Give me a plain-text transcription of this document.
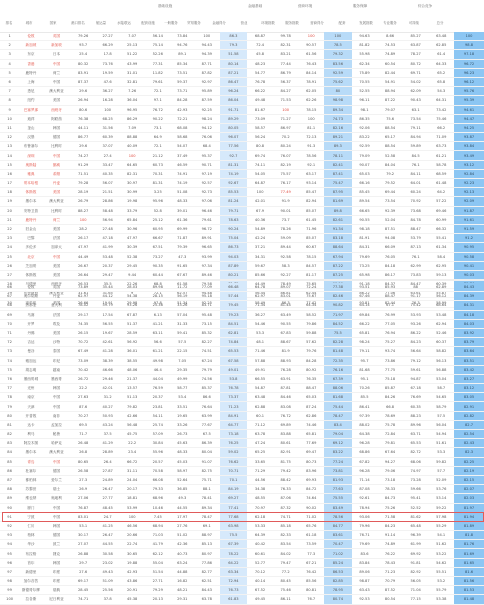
基础设施	金融基础	营商环境	服务保障	综合竞争
排名	城市	国家	港口排名	航运量	水陆联运	配套设施	一般服务	贸易服务	金融得分	营业	环境指数	服务指数	营商得分	配套	发展指数	专业服务	可持续	总分
1	伦敦	英国	79.26	27.27	7.07	56.14	73.84	100	86.3	68.87	99.78	100	100	94.63	8.66	85.27	63.48	100
2	新加坡	新加坡	93.7	66.29	25.13	75.14	94.76	94.43	79.3	72.4	82.31	90.57	78.5	81.82	74.53	63.87	62.85	98.8
3	东京	日本	25.4	17.8	51.22	52.26	89.1	94.39	51.58	45.8	83.21	61.56	79.32	55.98	74.89	78.27	61.4	97.18
4	香港	中国	80.32	73.76	43.99	77.31	85.34	87.71	80.14	48.23	77.44	76.43	83.56	62.34	60.54	80.72	64.33	96.72
5	鹿特丹	荷兰	83.91	19.59	31.01	11.82	73.51	87.82	87.21	54.77	86.79	84.14	92.59	75.89	82.44	69.71	65.2	96.23
6	上海	中国	87.37	47.6	32.81	79.61	59.37	92.97	86.47	76.78	56.37	78.91	75.62	70.55	54.91	54.02	65.8	96.12
7	悉尼	澳大利亚	29.6	36.27	7.26	72.1	73.71	95.89	96.24	66.22	84.27	62.05	80	52.55	88.94	62.09	54.3	95.76
8	纽约	美国	26.94	16.28	36.04	97.1	84.28	87.59	86.04	49.48	71.53	62.26	98.98	96.11	87.22	90.43	64.31	95.39
9	巴塞罗那	西班牙	80.6	100	96.95	76.72	42.93	92.25	91.71	81.67	100	78.15	89.34	98.1	79.07	63.1	73.42	94.61
10	迪拜	阿联酋	76.38	68.25	86.29	90.22	72.21	98.24	89.29	73.09	71.27	100	74.73	86.35	75.6	73.54	75.46	94.47
11	釜山	韩国	44.11	31.56	7.09	73.1	68.08	94.12	80.05	58.57	86.97	81.1	82.16	92.06	88.54	79.11	66.2	94.25
12	汉堡	德国	86.77	60.39	88.88	64.9	58.68	76.06	96.07	56.24	70.2	72.13	89.21	83.22	65.17	84.94	71.09	93.87
13	布鲁塞尔	比利时	29.6	37.07	40.09	72.1	54.07	68.4	77.56	80.8	80.24	91.3	89.3	92.59	88.54	59.89	63.73	93.84
14	深圳	中国	74.27	27.4	100	21.12	37.49	95.37	92.7	69.74	76.07	78.56	78.11	79.09	52.58	84.5	61.21	93.49
15	奥斯陆	挪威	91.29	33.47	64.65	60.73	46.59	90.71	81.31	74.11	82.19	92.1	82.41	90.07	84.04	76.1	58.78	93.12
16	雅典	希腊	71.51	40.35	82.31	70.31	74.91	97.19	74.19	54.05	75.57	63.17	87.41	65.03	79.2	84.11	68.59	92.84
17	哥本哈根	丹麦	79.28	56.07	30.97	81.31	74.19	92.57	92.67	64.87	76.17	93.14	75.47	66.16	79.52	64.01	61.48	92.23
18	休斯敦	美国	28.19	21.51	30.99	3.25	51.08	92.73	85.53	100	77.49	85.47	87.95	85.45	69.44	60.24	64.2	92.13
19	墨尔本	澳大利亚	26.79	28.86	19.98	95.96	48.33	97.06	81.24	42.01	91.9	82.94	81.69	89.54	73.54	70.92	57.22	92.09
20	安特卫普	比利时	88.27	58.48	33.79	52.8	39.01	96.46	79.71	67.9	90.01	85.07	89.8	66.65	92.39	73.68	69.46	91.87
21	鹿特丹	荷兰	100	56.94	65.84	25.12	61.36	79.61	78.63	40.36	73.7	61.45	82.61	90.55	52.04	84.78	60.99	91.61
22	旧金山	美国	28.2	27.48	30.96	60.95	69.99	96.72	90.24	54.89	78.26	71.96	91.34	98.18	87.51	88.47	66.32	91.59
23	巴黎	法国	26.17	47.18	47.97	66.67	71.87	89.91	75.04	42.24	59.09	85.07	83.18	81.91	94.08	53.79	55.41	91.2
24	多伦多	加拿大	47.97	41.99	30.39	67.51	79.39	96.65	86.73	37.21	89.44	60.67	88.64	84.31	66.09	87.13	61.34	90.95
25	北京	中国	44.49	53.48	52.38	73.27	47.3	93.99	94.03	34.31	92.58	78.15	67.94	79.69	76.05	76.1	58.4	90.58
26	芝加哥	美国	26.67	20.37	29.45	90.35	91.65	97.34	87.89	59.67	58.3	84.57	87.22	73.25	84.18	62.99	62.95	90.41
27	休斯敦	美国	26.64	29.47	9.44	60.44	67.67	89.46	80.21	85.66	92.27	81.17	87.25	65.98	86.17	73.83	59.13	90.03
28	马德里	西班牙	26.53	35.5	22.26	68.8	61.58	79.58		44.49	78.49	75.65		91.18	84.37	84.47	60.39	
29	布里斯班	澳大利亚	31.61	31.65	9	72.1	62.57	94.48		56.44	86.81	62.44		86.22	77.06	63.61	55.87	
30	洛杉矶	美国	26.66	19.91	29.98	97.8	51.34	92.25		58.49	86.3	77.42		93.81	82.44	76.3	58.99	
66	伦敦	英国	73.89	35.44	28.03	89.98	11.72	77.09	66.48	64.78	89.07	72.24	77.38	93.51	85.93	88	62.89	84.43
67	奥尔胡斯	丹麦	62.97	44.12	54.38	28.15	56.19	95.18	57.44	62.97	83.01	75.67	82.46	67.46	88.47	91.17	56.12	84.39
68	热那亚	意大利	78.02	59.79	93.26	25.36	33.26	83.71	79.45	71.34	81.44	64.34	90.82	64.14	67.1	75.42	68.64	84.31
69	马赛	法国	29.17	17.54	67.87	6.13	57.04	95.48	79.23	36.27	63.49	58.52	71.97	69.84	76.99	53.93	53.48	84.18
70	开罗	埃及	74.35	56.55	51.37	41.21	31.33	73.15	84.51	54.46	90.55	79.86	84.52	66.22	77.05	93.26	62.94	84.03
71	丹佛	美国	26.15	19.67	28.59	63.11	59.41	85.32	62.81	53.3	67.83	59.88	75.5	65.81	76.94	86.22	52.46	83.92
72	吉达	沙特	70.72	42.61	56.92	56.6	57.5	82.27	74.84	48.1	88.67	57.62	82.28	98.24	75.27	84.23	60.37	83.79
73	曼谷	泰国	67.49	41.28	36.01	61.21	22.15	74.51	65.53	71.46	81.9	79.76	81.48	79.11	93.74	56.64	58.82	83.64
74	雅加达	印尼	73.09	38.39	38.55	49.98	7.05	67.24	67.58	57.88	88.93	84.28	72.35	95.7	73.86	79.12	56.13	83.51
75	胡志明	越南	70.42	46.66	48.06	46.4	29.35	79.79	49.01	49.91	76.28	80.92	76.16	81.68	77.75	59.61	56.88	83.42
76	墨西哥城	墨西哥	26.72	29.46	21.37	44.04	49.99	74.56	53.8	66.55	63.91	76.35	67.39	95.1	75.18	94.87	53.04	83.27
77	光州	韩国	22.2	42.01	13.57	76.59	58.77	85.37	76.78	54.87	87.81	88.47	88.06	70.26	85.87	67.18	58.7	83.12
78	南京	中国	27.63	31.2	51.13	20.37	53.4	86.6	73.37	63.48	84.46	65.03	81.68	85.5	84.26	76.69	54.65	83.05
79	天津	中国	87.6	40.27	79.82	23.81	33.51	76.64	71.23	62.88	83.08	87.24	75.44	86.41	66.8	60.35	58.79	82.91
80	开普敦	南非	70.27	50.93	42.66	54.11	19.65	63.99	84.91	60.1	76.72	62.86	78.47	97.39	78.69	88.23	57.5	82.82
81	达卡	孟加拉	69.5	43.24	56.48	25.74	33.26	77.67	64.77	71.12	69.89	74.46	83.4	88.02	75.78	89.96	56.04	82.7
82	利马	秘鲁	71.7	37.5	45.75	57.09	26.73	67.5	73.18	63.78	83.88	65.81	79.04	64.38	72.84	63.71	54.94	82.54
83	阿拉木图	哈萨克	26.48	41.29	22.2	30.84	45.63	86.39	76.25	47.24	80.61	77.69	69.12	96.28	79.81	65.53	51.61	82.43
84	墨尔本	澳大利亚	26.8	28.89	23.4	55.96	48.33	80.04	59.02	65.25	82.91	69.47	83.22	68.86	67.64	82.72	53.3	82.3
85	青岛	中国	80.65	26.4	66.72	20.57	45.03	91.07	76.62	33.65	81.75	80.73	77.24	67.82	94.27	68.06	59.82	82.25
86	杜塞尔	德国	26.58	27.87	31.11	70.58	58.97	82.75	70.71	71.29	79.42	83.96	73.81	96.28	79.06	74.97	57.7	82.19
87	都柏林	爱尔兰	27.3	24.89	24.04	66.08	52.64	75.71	70.1	44.56	88.42	69.93	81.93	71.14	73.18	73.28	52.09	82.15
88	苏黎世	瑞士	26.9	26.47	20.17	79.33	36.85	88.1	84.19	34.38	76.33	84.72	77.63	87.08	78.33	59.66	53.76	82.07
89	维也纳	奥地利	27.06	27.77	18.81	68.96	49.3	78.41	69.27	48.55	87.06	74.64	75.55	92.61	84.73	95.41	53.14	82.03
90	厦门	中国	76.87	48.45	53.99	10.46	44.55	89.34	77.41	70.97	87.32	90.02	83.49	78.94	75.26	52.52	59.22	81.97
91	宁波	中国	83.01	24.7	100	7.45	17.97	78.47	77.68	62.18	74.71	71.02	78.56	93.06	71.58	81.62	57.98	81.94
92	仁川	韩国	53.1	41.25	46.56	68.94	27.76	69.1	63.98	53.33	85.18	65.76	84.77	79.96	84.23	65.48	55.29	81.89
93	柏林	德国	30.17	26.47	20.66	71.03	51.02	88.97	75.5	64.39	82.33	61.18	83.61	76.71	91.14	96.39	54.1	81.8
94	华沙	波兰	27.07	44.55	22.74	41.79	42.36	85.13	67.39	40.42	83.54	73.59	70.47	79.69	74.89	61.99	51.62	81.76
95	布拉格	捷克	26.88	30.58	30.65	62.12	40.73	80.97	78.22	60.61	84.02	77.3	71.02	83.6	76.22	69.92	53.22	81.69
96	首尔	韩国	29.7	23.02	19.88	55.04	63.24	77.86	64.22	52.77	79.47	67.21	85.24	83.84	78.43	91.81	54.62	81.65
97	新德里	印度	27.6	49.43	42.93	51.54	44.88	82.77	63.34	70.12	77.2	76.42	86.53	89.06	71.23	82.92	55.51	81.6
98	加尔各答	印度	69.17	51.09	43.86	27.71	16.82	62.51	72.94	40.14	80.45	85.56	82.85	98.87	70.79	56.05	53.2	81.56
99	斯德哥尔摩	瑞典	28.45	25.56	20.91	79.29	48.21	84.43	76.73	67.52	75.46	80.81	78.95	63.43	87.52	71.04	55.79	81.53
100	拉各斯	尼日利亚	74.71	37.8	45.38	20.13	29.31	63.78	61.83	49.45	86.11	76.7	80.74	92.53	80.54	77.15	53.38	81.48
